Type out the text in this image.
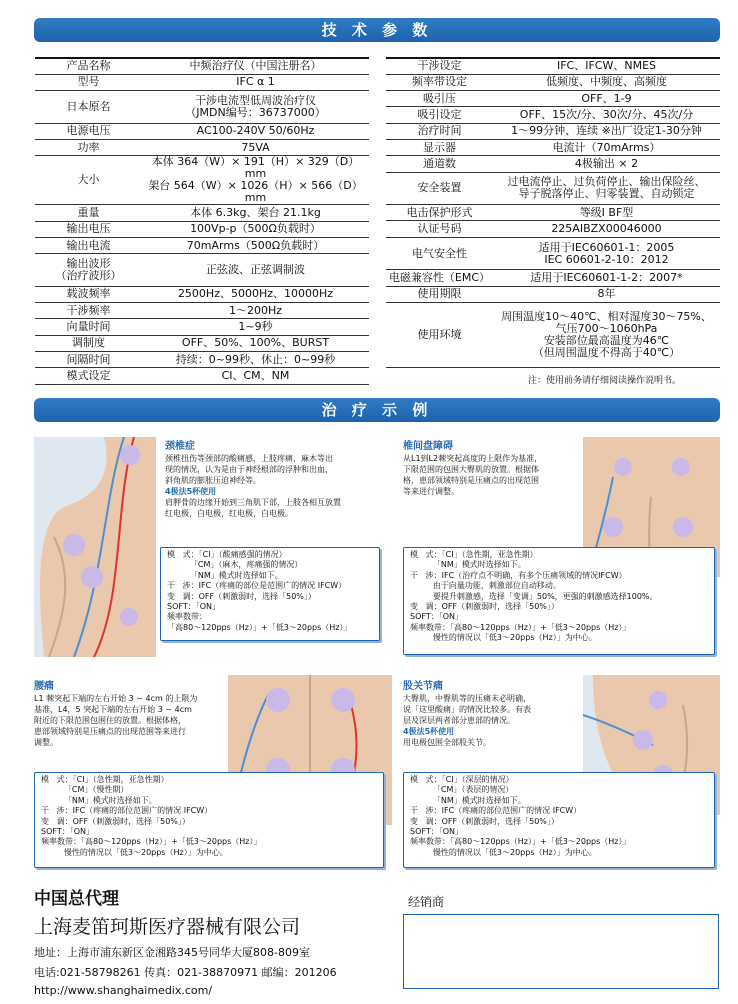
技 术 参 数
产品名称	中频治疗仪（中国注册名）

型号	IFC α 1

日本原名	干涉电流型低周波治疗仪
（JMDN编号：36737000）

电源电压	AC100-240V 50/60Hz

功率	75VA

大小	本体 364（W）× 191（H）× 329（D）mm
架台 564（W）× 1026（H）× 566（D）mm

重量	本体 6.3kg、架台 21.1kg

输出电压	100Vp-p（500Ω负载时）

输出电流	70mArms（500Ω负载时）

输出波形
（治疗波形）	正弦波、正弦调制波

载波频率	2500Hz、5000Hz、10000Hz

干涉频率	1～200Hz

向量时间	1~9秒

调制度	OFF、50%、100%、BURST

间隔时间	持续：0~99秒、休止：0~99秒

模式设定	CI、CM、NM
干涉设定	IFC、IFCW、NMES

频率带设定	低频度、中频度、高频度

吸引压	OFF、1-9

吸引设定	OFF、15次/分、30次/分、45次/分

治疗时间	1～99分钟、连续 ※出厂设定1-30分钟

显示器	电流计（70mArms）

通道数	4极输出 × 2

安全装置	过电流停止、过负荷停止、输出保险丝、
导子脱落停止、归零装置、自动锁定

电击保护形式	等级Ⅰ BF型

认证号码	225AIBZX00046000

电气安全性	适用于IEC60601-1：2005
IEC 60601-2-10：2012

电磁兼容性（EMC）	适用于IEC60601-1-2：2007*

使用期限	8年

使用环境	周围温度10～40℃、相对湿度30～75%、
气压700～1060hPa
安装部位最高温度为46℃
（但周围温度不得高于40℃）
注：使用前务请仔细阅读操作说明书。
治 疗 示 例
颈椎症
颈椎扭伤等颈部的酸痛感，上肢疼痛，麻木等出
现的情况，认为是由于神经根部的浮肿和出血，
斜角肌的膨胀压迫神经等。
4极法5杯使用
肩胛骨的边缘开始到三角肌下部，上肢各相互放置
红电极，白电极，红电极，白电极。
模   式：「CI」（酸痛感强的情况）
「CM」（麻木，疼痛强的情况）
「NM」模式时选择如下。
干   涉：IFC（疼痛的部位是范围广的情况 IFCW）
变   调：OFF（刺激弱时，选择「50%」）
SOFT：「ON」
频率数带：
「高80～120pps（Hz）」+「低3～20pps（Hz）」
椎间盘障碍
从L1到L2棘突起高度的上限作为基准，
下限范围的包围大臀肌的放置。根据体
格，患部领域特别是压痛点的出现范围
等来进行调整。
模   式：「CI」（急性期，亚急性期）
「NM」模式时选择如下。
干   涉：IFC（治疗点不明确，有多个压痛领域的情况IFCW）
由于向量功能，刺激部位自动移动。
要提升刺激感，选择「变调」50%，更强的刺激感选择100%。
变   调：OFF（刺激弱时，选择「50%」）
SOFT：「ON」
频率数带：「高80～120pps（Hz）」+「低3～20pps（Hz）」
慢性的情况以「低3～20pps（Hz）」为中心。
腰痛
L1 棘突起下端的左右开始 3 ~ 4cm 的上限为
基准，L4，5 突起下端的左右开始 3 ~ 4cm
附近的下限范围包围住的放置。根据体格，
患部领域特别是压痛点的出现范围等来进行
调整。
模   式：「CI」（急性期，亚急性期）
「CM」（慢性期）
「NM」模式时选择如下。
干   涉：IFC（疼痛的部位范围广的情况 IFCW）
变   调：OFF（刺激弱时，选择「50%」）
SOFT：「ON」
频率数带：「高80～120pps（Hz）」+「低3～20pps（Hz）」
慢性的情况以「低3～20pps（Hz）」为中心。
股关节痛
大臀肌，中臀肌等的压痛未必明确，
说「这里酸痛」的情况比较多。有表
层及深层两者部分患部的情况。
4极法5杯使用
用电极包围全部股关节。
模   式：「CI」（深层的情况）
「CM」（表层的情况）
「NM」模式时选择如下。
干   涉：IFC（疼痛的部位范围广的情况 IFCW）
变   调：OFF（刺激弱时，选择「50%」）
SOFT：「ON」
频率数带：「高80～120pps（Hz）」+「低3～20pps（Hz）」
慢性的情况以「低3～20pps（Hz）」为中心。
中国总代理
上海麦笛珂斯医疗器械有限公司
地址：上海市浦东新区金湘路345号同华大厦808-809室
电话:021-58798261 传真：021-38870971 邮编：201206
http://www.shanghaimedix.com/
经销商
